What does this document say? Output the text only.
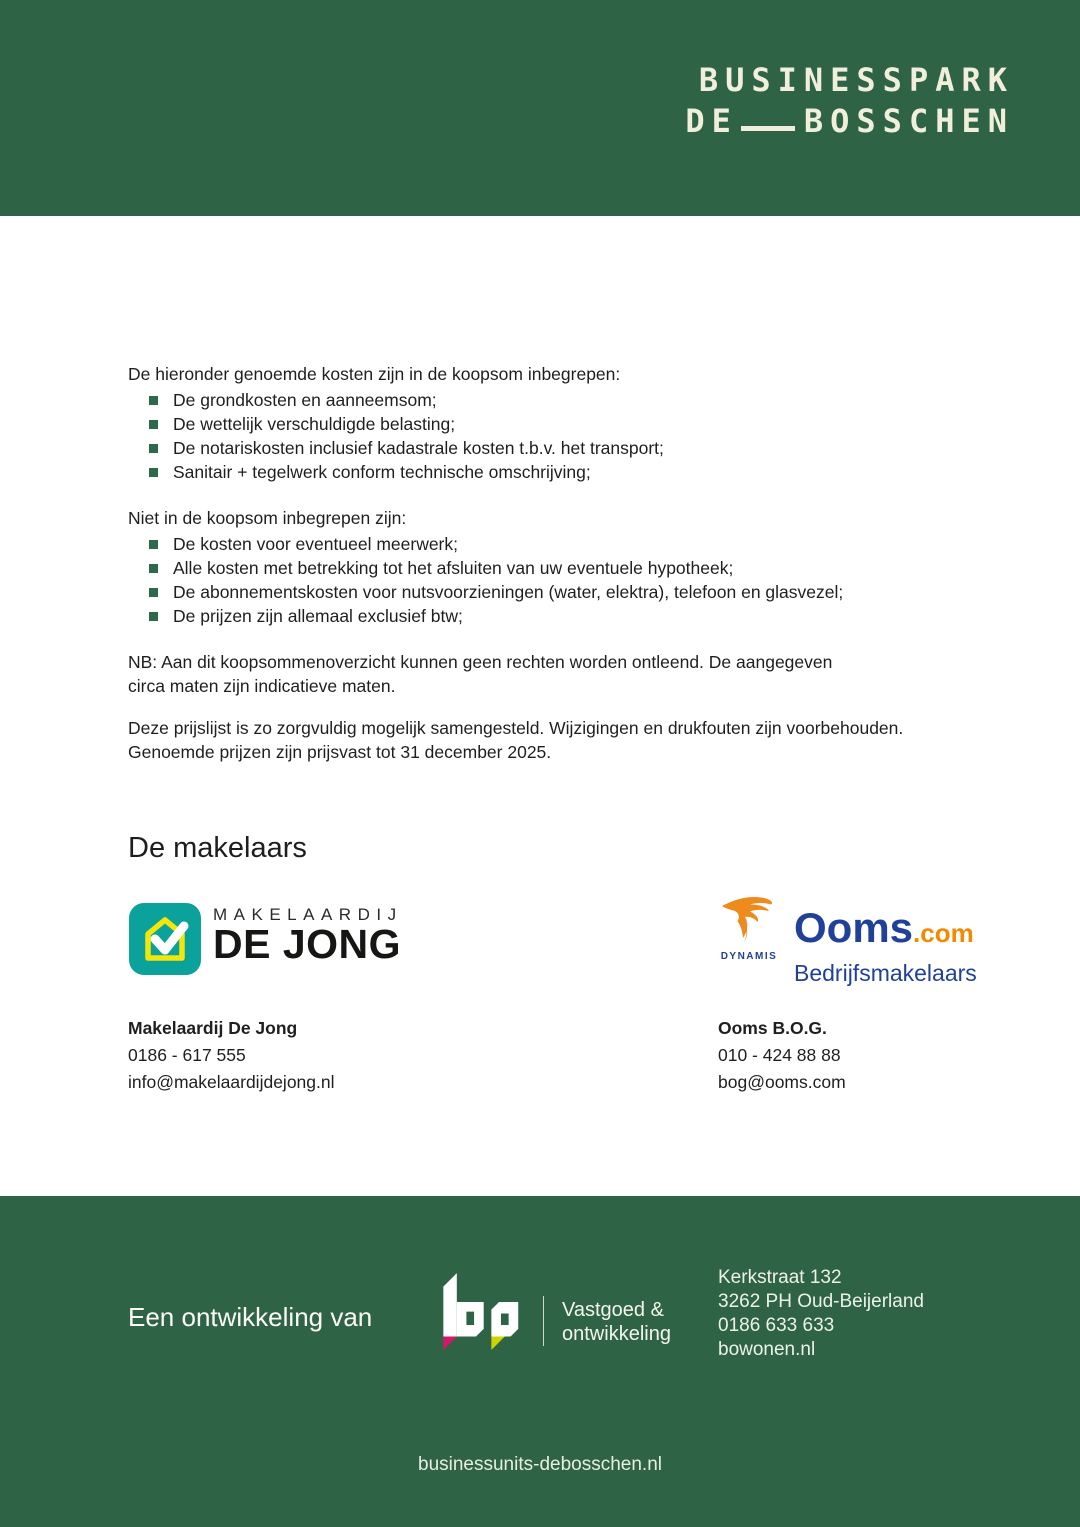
BUSINESSPARK
DE BOSSCHEN

De hieronder genoemde kosten zijn in de koopsom inbegrepen:

De grondkosten en aanneemsom;
De wettelijk verschuldigde belasting;
De notariskosten inclusief kadastrale kosten t.b.v. het transport;
Sanitair + tegelwerk conform technische omschrijving;

Niet in de koopsom inbegrepen zijn:

De kosten voor eventueel meerwerk;
Alle kosten met betrekking tot het afsluiten van uw eventuele hypotheek;
De abonnementskosten voor nutsvoorzieningen (water, elektra), telefoon en glasvezel;
De prijzen zijn allemaal exclusief btw;

NB: Aan dit koopsommenoverzicht kunnen geen rechten worden ontleend. De aangegeven
circa maten zijn indicatieve maten.

Deze prijslijst is zo zorgvuldig mogelijk samengesteld. Wijzigingen en drukfouten zijn voorbehouden.
Genoemde prijzen zijn prijsvast tot 31 december 2025.

De makelaars
MAKELAARDIJ
DE JONG	DYNAMIS
Ooms.com
Bedrijfsmakelaars
Makelaardij De Jong
0186 - 617 555
info@makelaardijdejong.nl
Ooms B.O.G.
010 - 424 88 88
bog@ooms.com
Een ontwikkeling van	Vastgoed &
ontwikkeling
Kerkstraat 132
3262 PH Oud-Beijerland
0186 633 633
bowonen.nl
businessunits-debosschen.nl
